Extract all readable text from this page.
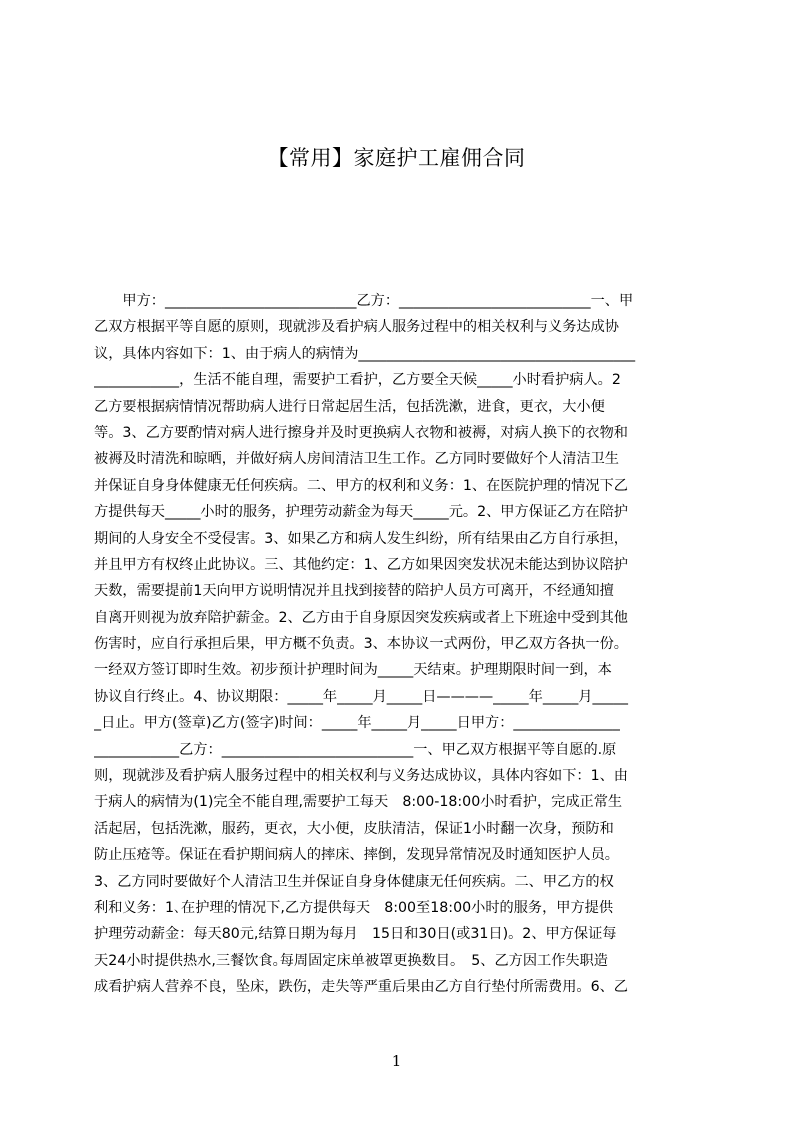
【常用】家庭护工雇佣合同
　　甲方：___________________________乙方：___________________________一、甲
乙双方根据平等自愿的原则，现就涉及看护病人服务过程中的相关权利与义务达成协
议，具体内容如下：1、由于病人的病情为_______________________________________
____________，生活不能自理，需要护工看护，乙方要全天候_____小时看护病人。2
乙方要根据病情情况帮助病人进行日常起居生活，包括洗漱，进食，更衣，大小便
等。3、乙方要酌情对病人进行擦身并及时更换病人衣物和被褥，对病人换下的衣物和
被褥及时清洗和晾晒，并做好病人房间清洁卫生工作。乙方同时要做好个人清洁卫生
并保证自身身体健康无任何疾病。二、甲方的权利和义务：1、在医院护理的情况下乙
方提供每天_____小时的服务，护理劳动薪金为每天_____元。2、甲方保证乙方在陪护
期间的人身安全不受侵害。3、如果乙方和病人发生纠纷，所有结果由乙方自行承担，
并且甲方有权终止此协议。三、其他约定：1、乙方如果因突发状况未能达到协议陪护
天数，需要提前1天向甲方说明情况并且找到接替的陪护人员方可离开，不经通知擅
自离开则视为放弃陪护薪金。2、乙方由于自身原因突发疾病或者上下班途中受到其他
伤害时，应自行承担后果，甲方概不负责。3、本协议一式两份，甲乙双方各执一份。
一经双方签订即时生效。初步预计护理时间为_____天结束。护理期限时间一到，本
协议自行终止。4、协议期限：_____年_____月_____日————_____年_____月_____
_日止。甲方(签章)乙方(签字)时间：_____年_____月_____日甲方：_______________
____________乙方：___________________________一、甲乙双方根据平等自愿的.原
则，现就涉及看护病人服务过程中的相关权利与义务达成协议，具体内容如下：1、由
于病人的病情为(1)完全不能自理,需要护工每天　8:00-18:00小时看护，完成正常生
活起居，包括洗漱，服药，更衣，大小便，皮肤清洁，保证1小时翻一次身，预防和
防止压疮等。保证在看护期间病人的摔床、摔倒，发现异常情况及时通知医护人员。
3、乙方同时要做好个人清洁卫生并保证自身身体健康无任何疾病。二、甲乙方的权
利和义务：1､在护理的情况下,乙方提供每天　8:00至18:00小时的服务，甲方提供
护理劳动薪金：每天80元,结算日期为每月　15日和30日(或31日)。2、甲方保证每
天24小时提供热水,三餐饮食｡每周固定床单被罩更换数目。　5、乙方因工作失职造
成看护病人营养不良，坠床，跌伤，走失等严重后果由乙方自行垫付所需费用。6、乙
1
